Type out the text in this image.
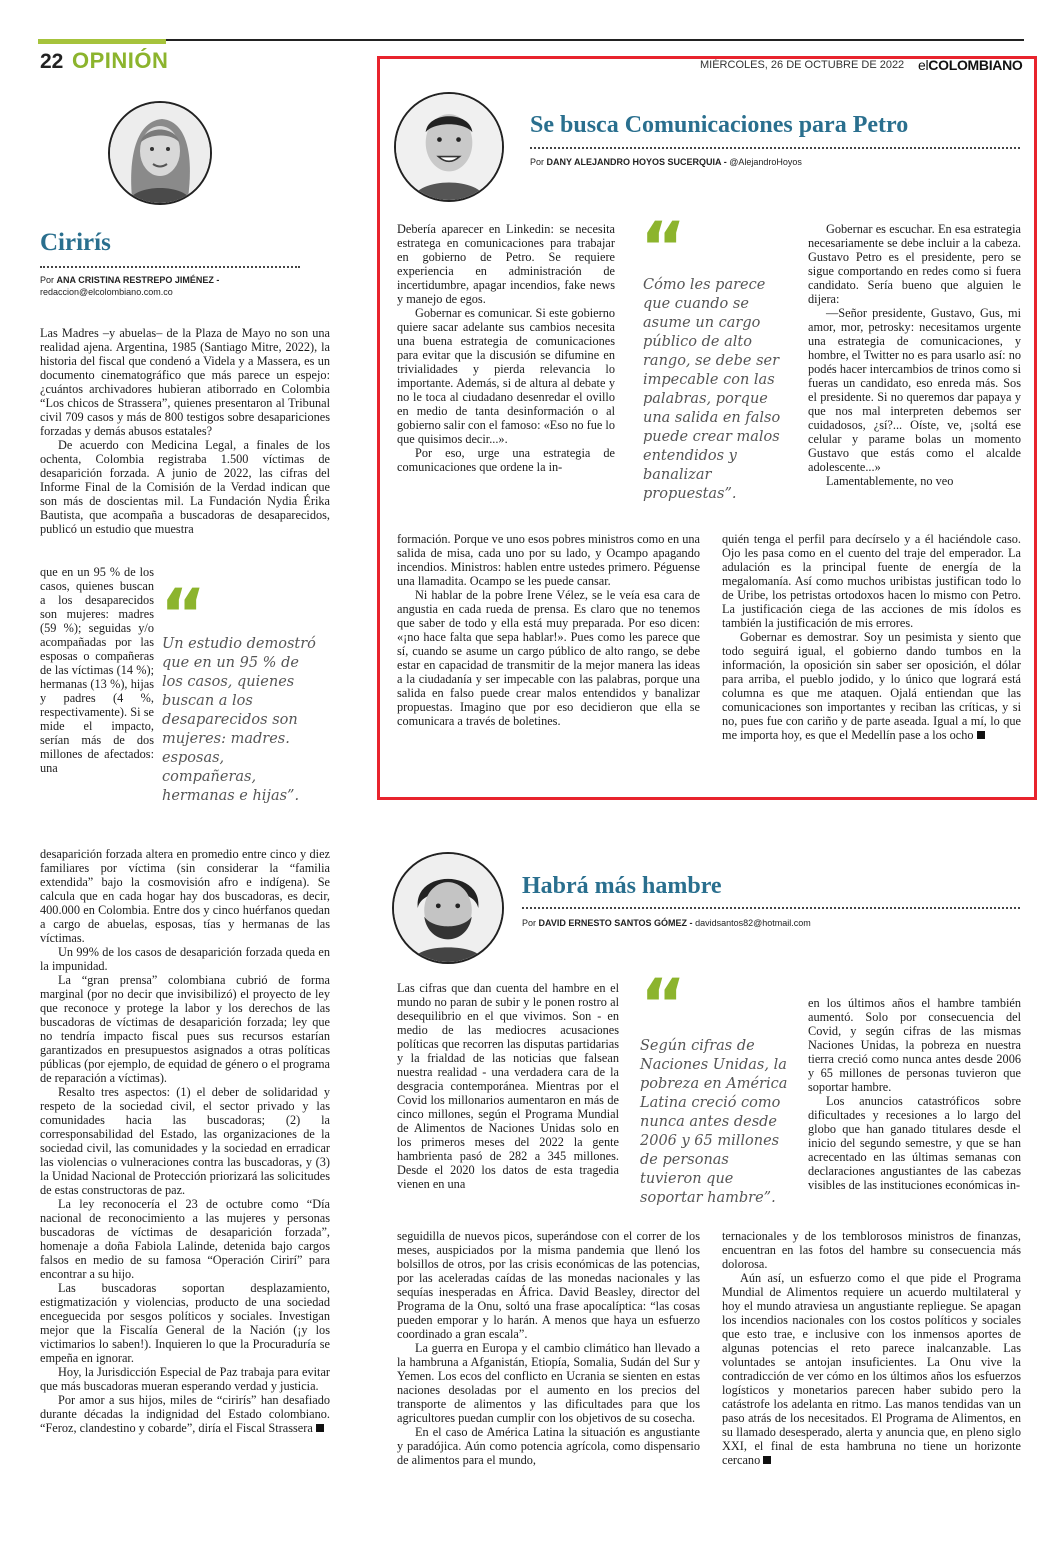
22 OPINIÓN	MIÉRCOLES, 26 DE OCTUBRE DE 2022 elCOLOMBIANO
Cirirís
Por ANA CRISTINA RESTREPO JIMÉNEZ -
redaccion@elcolombiano.com.co

Las Madres –y abuelas– de la Plaza de Mayo no son una realidad ajena. Argentina, 1985 (Santiago Mitre, 2022), la historia del fiscal que condenó a Videla y a Massera, es un documento cinematográfico que más parece un espejo: ¿cuántos archivadores hubieran atiborrado en Colombia “Los chicos de Strassera”, quienes presentaron al Tribunal civil 709 casos y más de 800 testigos sobre desapariciones forzadas y demás abusos estatales?

De acuerdo con Medicina Legal, a finales de los ochenta, Colombia registraba 1.500 víctimas de desaparición forzada. A junio de 2022, las cifras del Informe Final de la Comisión de la Verdad indican que son más de doscientas mil. La Fundación Nydia Érika Bautista, que acompaña a buscadoras de desaparecidos, publicó un estudio que muestra

que en un 95 % de los casos, quienes buscan a los desaparecidos son mujeres: madres (59 %); seguidas y/o acompañadas por las esposas o compañeras de las víctimas (14 %); hermanas (13 %), hijas y padres (4 %, respectivamente). Si se mide el impacto, serían más de dos millones de afectados: una

“
Un estudio demostró que en un 95 % de los casos, quienes buscan a los desaparecidos son mujeres: madres. esposas, compañeras, hermanas e hijas”.

desaparición forzada altera en promedio entre cinco y diez familiares por víctima (sin considerar la “familia extendida” bajo la cosmovisión afro e indígena). Se calcula que en cada hogar hay dos buscadoras, es decir, 400.000 en Colombia. Entre dos y cinco huérfanos quedan a cargo de abuelas, esposas, tías y hermanas de las víctimas.

Un 99% de los casos de desaparición forzada queda en la impunidad.

La “gran prensa” colombiana cubrió de forma marginal (por no decir que invisibilizó) el proyecto de ley que reconoce y protege la labor y los derechos de las buscadoras de víctimas de desaparición forzada; ley que no tendría impacto fiscal pues sus recursos estarían garantizados en presupuestos asignados a otras políticas públicas (por ejemplo, de equidad de género o el programa de reparación a víctimas).

Resalto tres aspectos: (1) el deber de solidaridad y respeto de la sociedad civil, el sector privado y las comunidades hacia las buscadoras; (2) la corresponsabilidad del Estado, las organizaciones de la sociedad civil, las comunidades y la sociedad en erradicar las violencias o vulneraciones contra las buscadoras, y (3) la Unidad Nacional de Protección priorizará las solicitudes de estas constructoras de paz.

La ley reconocería el 23 de octubre como “Día nacional de reconocimiento a las mujeres y personas buscadoras de víctimas de desaparición forzada”, homenaje a doña Fabiola Lalinde, detenida bajo cargos falsos en medio de su famosa “Operación Cirirí” para encontrar a su hijo.

Las buscadoras soportan desplazamiento, estigmatización y violencias, producto de una sociedad enceguecida por sesgos políticos y sociales. Investigan mejor que la Fiscalía General de la Nación (¡y los victimarios lo saben!). Inquieren lo que la Procuraduría se empeña en ignorar.

Hoy, la Jurisdicción Especial de Paz trabaja para evitar que más buscadoras mueran esperando verdad y justicia.

Por amor a sus hijos, miles de “cirirís” han desafiado durante décadas la indignidad del Estado colombiano. “Feroz, clandestino y cobarde”, diría el Fiscal Strassera

Se busca Comunicaciones para Petro
Por DANY ALEJANDRO HOYOS SUCERQUIA - @AlejandroHoyos

Debería aparecer en Linkedin: se necesita estratega en comunicaciones para trabajar en gobierno de Petro. Se requiere experiencia en administración de incertidumbre, apagar incendios, fake news y manejo de egos.

Gobernar es comunicar. Si este gobierno quiere sacar adelante sus cambios necesita una buena estrategia de comunicaciones para evitar que la discusión se difumine en trivialidades y pierda relevancia lo importante. Además, si de altura al debate y no le toca al ciudadano desenredar el ovillo en medio de tanta desinformación o al gobierno salir con el famoso: «Eso no fue lo que quisimos decir...».

Por eso, urge una estrategia de comunicaciones que ordene la in-

“
Cómo les parece que cuando se asume un cargo público de alto rango, se debe ser impecable con las palabras, porque una salida en falso puede crear malos entendidos y banalizar propuestas”.

Gobernar es escuchar. En esa estrategia necesariamente se debe incluir a la cabeza. Gustavo Petro es el presidente, pero se sigue comportando en redes como si fuera candidato. Sería bueno que alguien le dijera:

—Señor presidente, Gustavo, Gus, mi amor, mor, petrosky: necesitamos urgente una estrategia de comunicaciones, y hombre, el Twitter no es para usarlo así: no podés hacer intercambios de trinos como si fueras un candidato, eso enreda más. Sos el presidente. Si no queremos dar papaya y que nos mal interpreten debemos ser cuidadosos, ¿sí?... Oíste, ve, ¡soltá ese celular y parame bolas un momento Gustavo que estás como el alcalde adolescente...»

Lamentablemente, no veo

formación. Porque ve uno esos pobres ministros como en una salida de misa, cada uno por su lado, y Ocampo apagando incendios. Ministros: hablen entre ustedes primero. Péguense una llamadita. Ocampo se les puede cansar.

Ni hablar de la pobre Irene Vélez, se le veía esa cara de angustia en cada rueda de prensa. Es claro que no tenemos que saber de todo y ella está muy preparada. Por eso dicen: «¡no hace falta que sepa hablar!». Pues como les parece que sí, cuando se asume un cargo público de alto rango, se debe estar en capacidad de transmitir de la mejor manera las ideas a la ciudadanía y ser impecable con las palabras, porque una salida en falso puede crear malos entendidos y banalizar propuestas. Imagino que por eso decidieron que ella se comunicara a través de boletines.

quién tenga el perfil para decírselo y a él haciéndole caso. Ojo les pasa como en el cuento del traje del emperador. La adulación es la principal fuente de energía de la megalomanía. Así como muchos uribistas justifican todo lo de Uribe, los petristas ortodoxos hacen lo mismo con Petro. La justificación ciega de las acciones de mis ídolos es también la justificación de mis errores.

Gobernar es demostrar. Soy un pesimista y siento que todo seguirá igual, el gobierno dando tumbos en la información, la oposición sin saber ser oposición, el dólar para arriba, el pueblo jodido, y lo único que logrará está columna es que me ataquen. Ojalá entiendan que las comunicaciones son importantes y reciban las críticas, y si no, pues fue con cariño y de parte aseada. Igual a mí, lo que me importa hoy, es que el Medellín pase a los ocho

Habrá más hambre
Por DAVID ERNESTO SANTOS GÓMEZ - davidsantos82@hotmail.com

Las cifras que dan cuenta del hambre en el mundo no paran de subir y le ponen rostro al desequilibrio en el que vivimos. Son - en medio de las mediocres acusaciones políticas que recorren las disputas partidarias y la frialdad de las noticias que falsean nuestra realidad - una verdadera cara de la desgracia contemporánea. Mientras por el Covid los millonarios aumentaron en más de cinco millones, según el Programa Mundial de Alimentos de Naciones Unidas solo en los primeros meses del 2022 la gente hambrienta pasó de 282 a 345 millones. Desde el 2020 los datos de esta tragedia vienen en una

“
Según cifras de Naciones Unidas, la pobreza en América Latina creció como nunca antes desde 2006 y 65 millones de personas tuvieron que soportar hambre”.

en los últimos años el hambre también aumentó. Solo por consecuencia del Covid, y según cifras de las mismas Naciones Unidas, la pobreza en nuestra tierra creció como nunca antes desde 2006 y 65 millones de personas tuvieron que soportar hambre.

Los anuncios catastróficos sobre dificultades y recesiones a lo largo del globo que han ganado titulares desde el inicio del segundo semestre, y que se han acrecentado en las últimas semanas con declaraciones angustiantes de las cabezas visibles de las instituciones económicas in-

seguidilla de nuevos picos, superándose con el correr de los meses, auspiciados por la misma pandemia que llenó los bolsillos de otros, por las crisis económicas de las potencias, por las aceleradas caídas de las monedas nacionales y las sequías inesperadas en África. David Beasley, director del Programa de la Onu, soltó una frase apocalíptica: “las cosas pueden emporar y lo harán. A menos que haya un esfuerzo coordinado a gran escala”.

La guerra en Europa y el cambio climático han llevado a la hambruna a Afganistán, Etiopía, Somalia, Sudán del Sur y Yemen. Los ecos del conflicto en Ucrania se sienten en estas naciones desoladas por el aumento en los precios del transporte de alimentos y las dificultades para que los agricultores puedan cumplir con los objetivos de su cosecha.

En el caso de América Latina la situación es angustiante y paradójica. Aún como potencia agrícola, como dispensario de alimentos para el mundo,

ternacionales y de los temblorosos ministros de finanzas, encuentran en las fotos del hambre su consecuencia más dolorosa.

Aún así, un esfuerzo como el que pide el Programa Mundial de Alimentos requiere un acuerdo multilateral y hoy el mundo atraviesa un angustiante repliegue. Se apagan los incendios nacionales con los costos políticos y sociales que esto trae, e inclusive con los inmensos aportes de algunas potencias el reto parece inalcanzable. Las voluntades se antojan insuficientes. La Onu vive la contradicción de ver cómo en los últimos años los esfuerzos logísticos y monetarios parecen haber subido pero la catástrofe los adelanta en ritmo. Las manos tendidas van un paso atrás de los necesitados. El Programa de Alimentos, en su llamado desesperado, alerta y anuncia que, en pleno siglo XXI, el final de esta hambruna no tiene un horizonte cercano
